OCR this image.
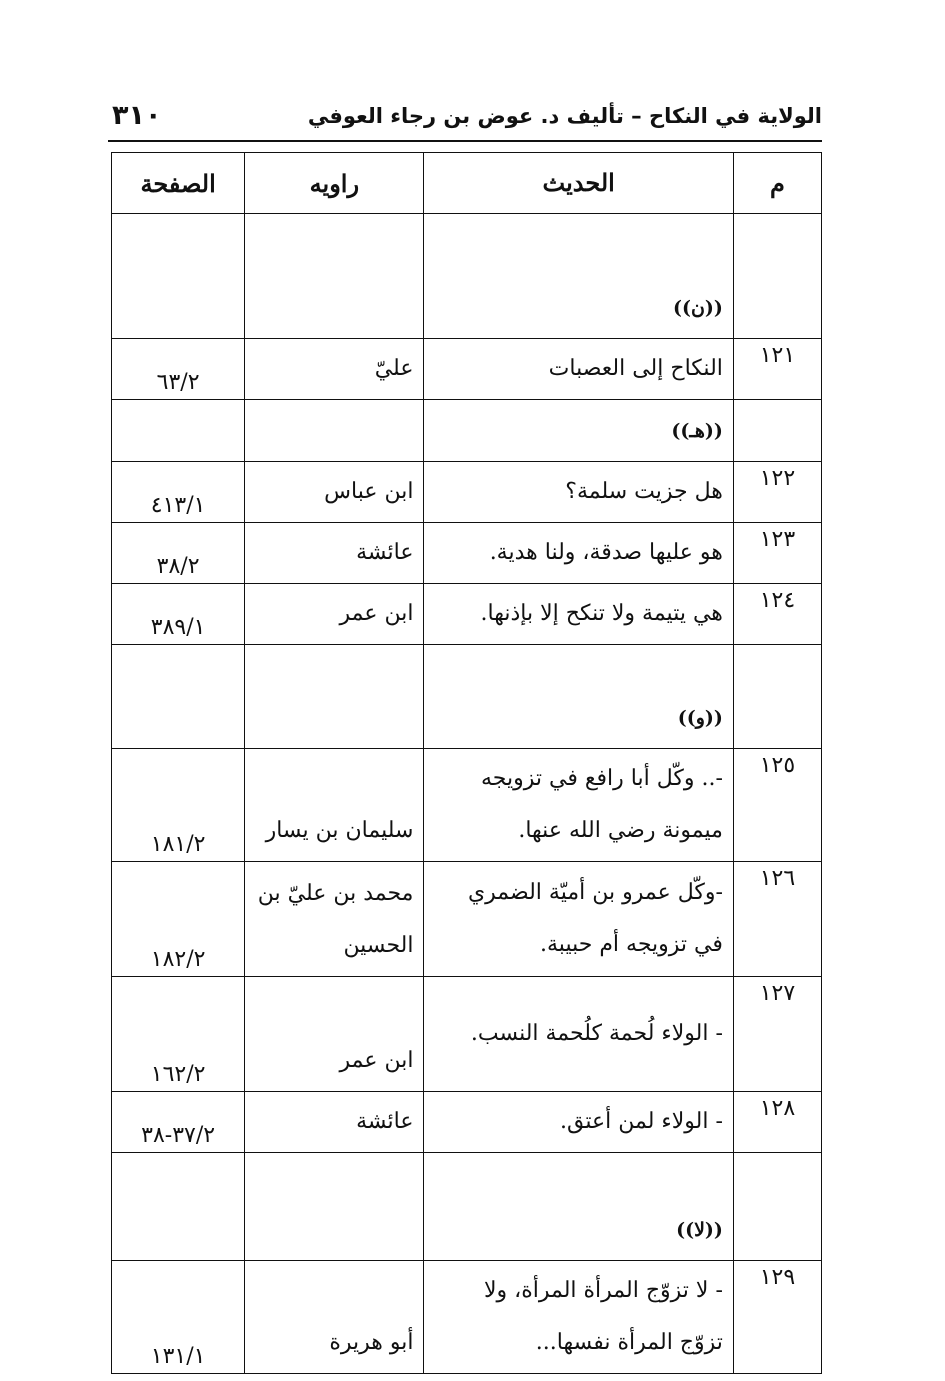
٣١٠	الولاية في النكاح – تأليف د. عوض بن رجاء العوفي
م	الحديث	راويه	الصفحة
	((ن))		
١٢١	النكاح إلى العصبات	عليّ	٦٣/٢
	((هـ))		
١٢٢	هل جزيت سلمة؟	ابن عباس	٤١٣/١
١٢٣	هو عليها صدقة، ولنا هدية.	عائشة	٣٨/٢
١٢٤	هي يتيمة ولا تنكح إلا بإذنها.	ابن عمر	٣٨٩/١
	((و))		
١٢٥	-.. وكّل أبا رافع في تزويجه ميمونة رضي الله عنها.	سليمان بن يسار	١٨١/٢
١٢٦	-وكّل عمرو بن أميّة الضمري في تزويجه أم حبيبة.	محمد بن عليّ بن الحسين	١٨٢/٢
١٢٧	- الولاء لُحمة كلُحمة النسب.	ابن عمر	١٦٢/٢
١٢٨	- الولاء لمن أعتق.	عائشة	٣٧/٢-٣٨
	((لا))		
١٢٩	- لا تزوّج المرأة المرأة، ولا تزوّج المرأة نفسها...	أبو هريرة	١٣١/١
